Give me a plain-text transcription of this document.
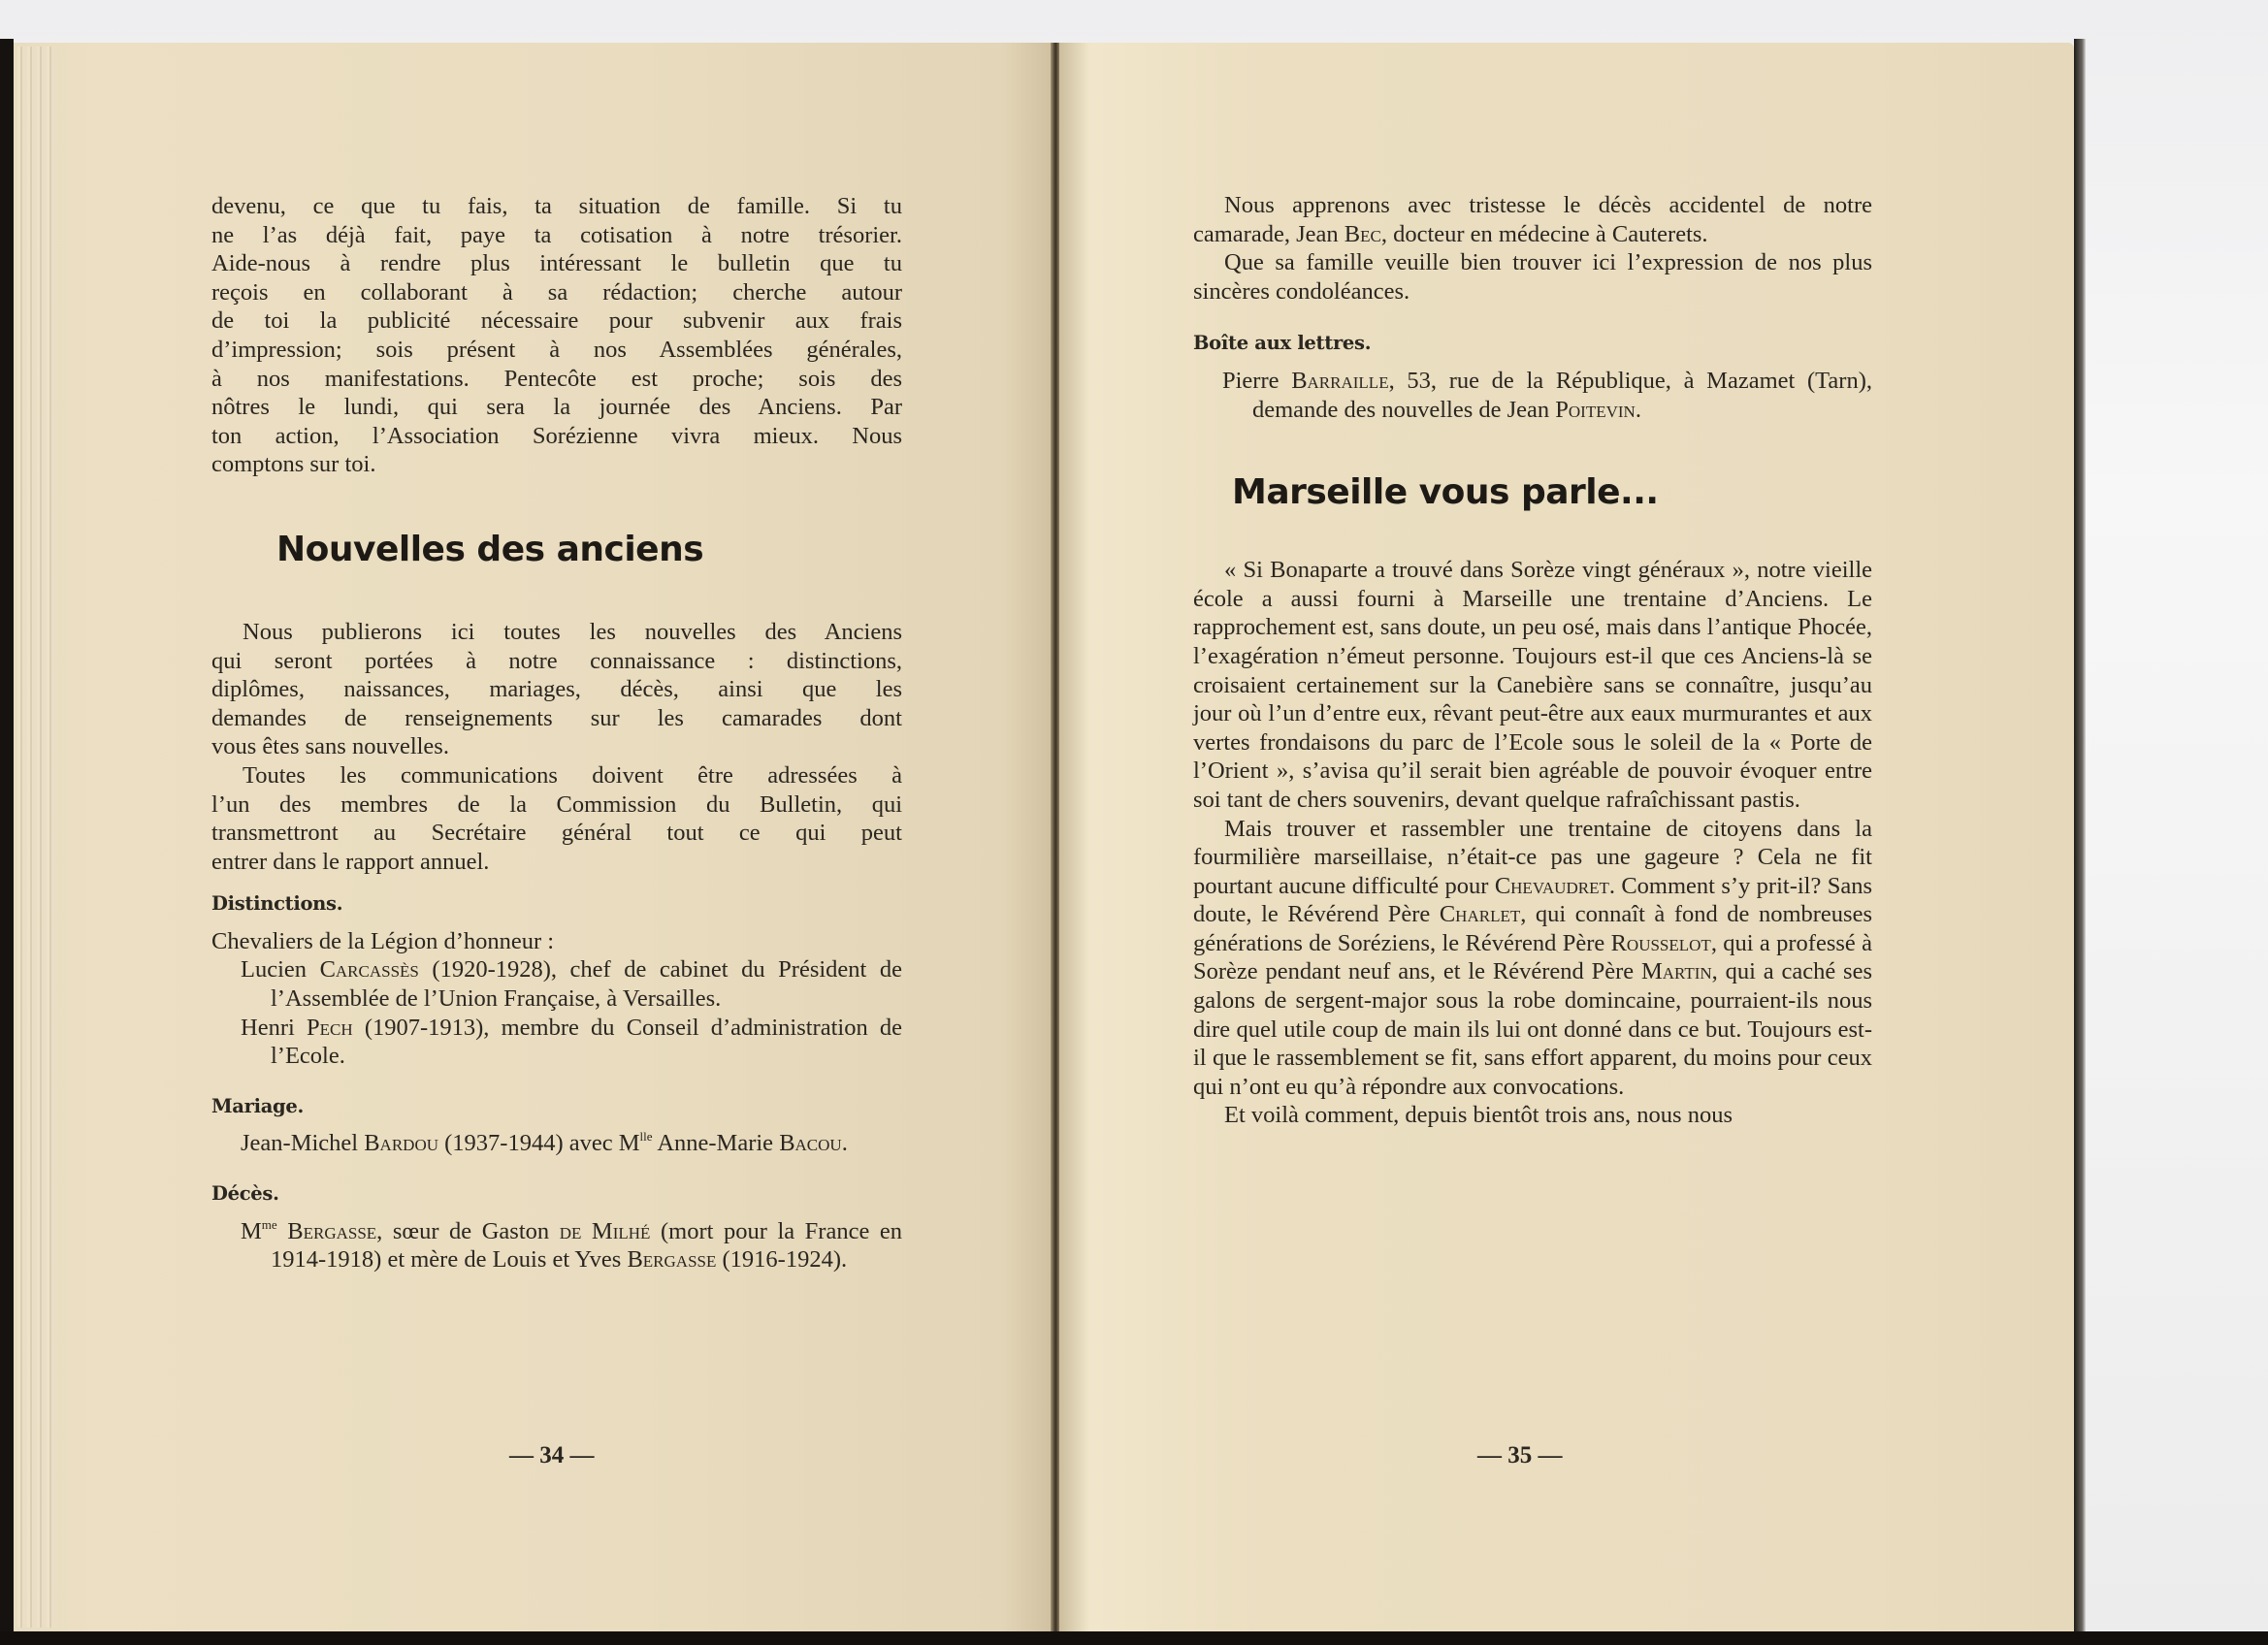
devenu, ce que tu fais, ta situation de famille. Si tu
ne l’as déjà fait, paye ta cotisation à notre trésorier.
Aide-nous à rendre plus intéressant le bulletin que tu
reçois en collaborant à sa rédaction; cherche autour
de toi la publicité nécessaire pour subvenir aux frais
d’impression; sois présent à nos Assemblées générales,
à nos manifestations. Pentecôte est proche; sois des
nôtres le lundi, qui sera la journée des Anciens. Par
ton action, l’Association Sorézienne vivra mieux. Nous
comptons sur toi.
Nouvelles des anciens
Nous publierons ici toutes les nouvelles des Anciens
qui seront portées à notre connaissance : distinctions,
diplômes, naissances, mariages, décès, ainsi que les
demandes de renseignements sur les camarades dont
vous êtes sans nouvelles.
Toutes les communications doivent être adressées à
l’un des membres de la Commission du Bulletin, qui
transmettront au Secrétaire général tout ce qui peut
entrer dans le rapport annuel.
Distinctions.

Chevaliers de la Légion d’honneur :

Lucien Carcassès (1920-1928), chef de cabinet du Président de l’Assemblée de l’Union Française, à Versailles.

Henri Pech (1907-1913), membre du Conseil d’administration de l’Ecole.

Mariage.

Jean-Michel Bardou (1937-1944) avec $M^{lle}$ Anne-Marie Bacou.

Décès.

$M^{me}$ Bergasse, sœur de Gaston de Milhé (mort pour la France en 1914-1918) et mère de Louis et Yves Bergasse (1916-1924).

— 34 —

Nous apprenons avec tristesse le décès accidentel de notre camarade, Jean Bec, docteur en médecine à Cauterets.

Que sa famille veuille bien trouver ici l’expression de nos plus sincères condoléances.

Boîte aux lettres.

Pierre Barraille, 53, rue de la République, à Mazamet (Tarn), demande des nouvelles de Jean Poitevin.

Marseille vous parle...

« Si Bonaparte a trouvé dans Sorèze vingt généraux », notre vieille école a aussi fourni à Marseille une trentaine d’Anciens. Le rapprochement est, sans doute, un peu osé, mais dans l’antique Phocée, l’exagération n’émeut personne. Toujours est-il que ces Anciens-là se croisaient certainement sur la Canebière sans se connaître, jusqu’au jour où l’un d’entre eux, rêvant peut-être aux eaux murmurantes et aux vertes frondaisons du parc de l’Ecole sous le soleil de la « Porte de l’Orient », s’avisa qu’il serait bien agréable de pouvoir évoquer entre soi tant de chers souvenirs, devant quelque rafraîchissant pastis.

Mais trouver et rassembler une trentaine de citoyens dans la fourmilière marseillaise, n’était-ce pas une gageure ? Cela ne fit pourtant aucune difficulté pour Chevaudret. Comment s’y prit-il? Sans doute, le Révérend Père Charlet, qui connaît à fond de nombreuses générations de Soréziens, le Révérend Père Rousselot, qui a professé à Sorèze pendant neuf ans, et le Révérend Père Martin, qui a caché ses galons de sergent-major sous la robe domincaine, pourraient-ils nous dire quel utile coup de main ils lui ont donné dans ce but. Toujours est-il que le rassemblement se fit, sans effort apparent, du moins pour ceux qui n’ont eu qu’à répondre aux convocations.

Et voilà comment, depuis bientôt trois ans, nous nous

— 35 —
